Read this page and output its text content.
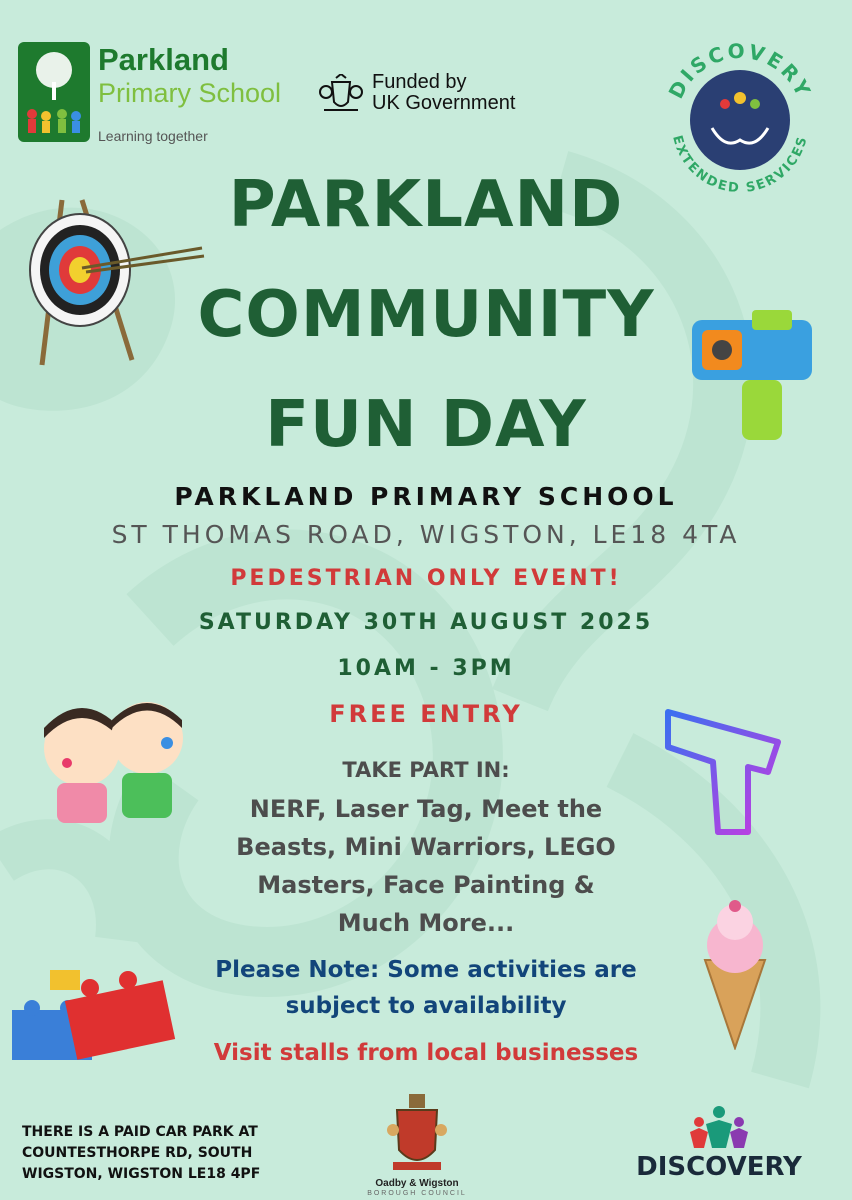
Parkland
Primary School
Learning together
Funded by
UK Government
DISCOVERY
EXTENDED SERVICES
PARKLAND
COMMUNITY
FUN DAY
PARKLAND PRIMARY SCHOOL
ST THOMAS ROAD, WIGSTON, LE18 4TA
PEDESTRIAN ONLY EVENT!
SATURDAY 30TH AUGUST 2025
10AM - 3PM
FREE ENTRY
TAKE PART IN:
NERF, Laser Tag, Meet the
Beasts, Mini Warriors, LEGO
Masters, Face Painting &
Much More...
Please Note: Some activities are
subject to availability
Visit stalls from local businesses
THERE IS A PAID CAR PARK AT
COUNTESTHORPE RD, SOUTH
WIGSTON, WIGSTON LE18 4PF
Oadby & Wigston
BOROUGH COUNCIL
DISCOVERY
